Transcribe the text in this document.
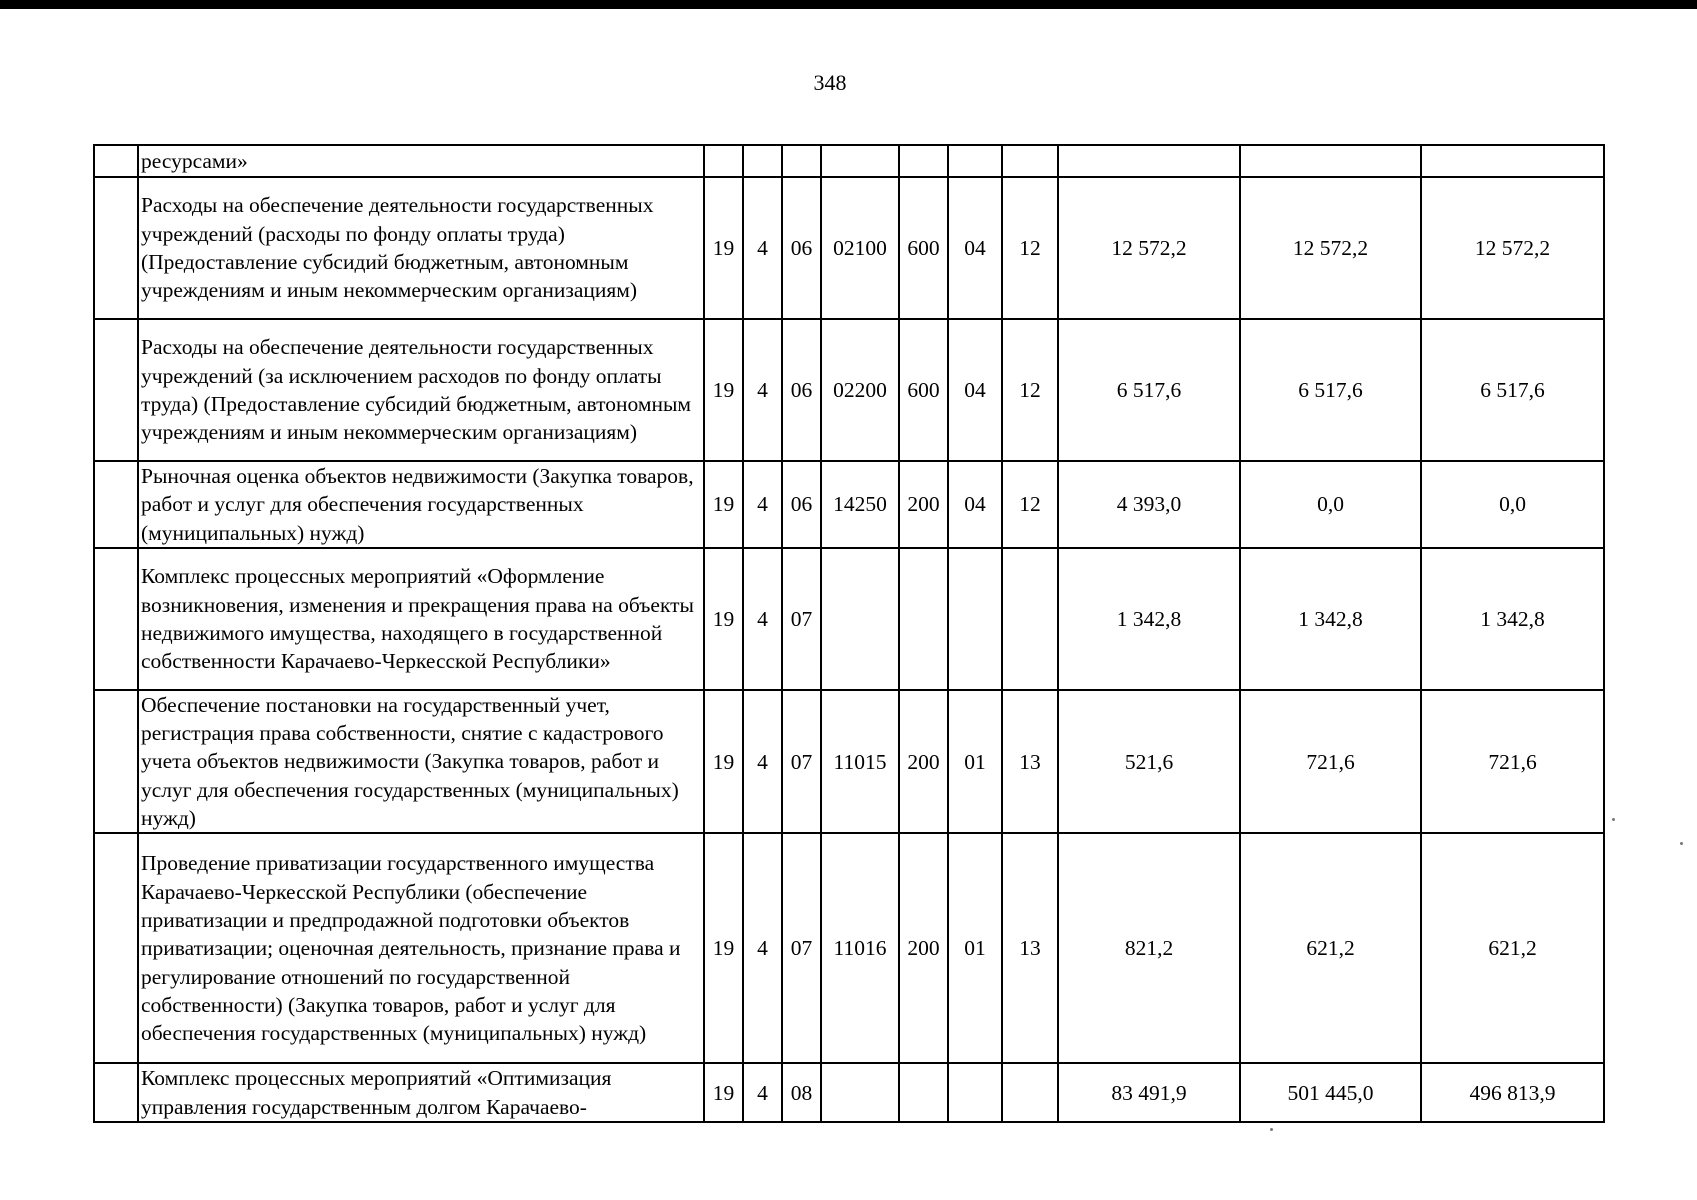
348
	ресурсами»										
	Расходы на обеспечение деятельности государственных учреждений (расходы по фонду оплаты труда) (Предоставление субсидий бюджетным, автономным учреждениям и иным некоммерческим организациям)	19	4	06	02100	600	04	12	12 572,2	12 572,2	12 572,2
	Расходы на обеспечение деятельности государственных учреждений (за исключением расходов по фонду оплаты труда) (Предоставление субсидий бюджетным, автономным учреждениям и иным некоммерческим организациям)	19	4	06	02200	600	04	12	6 517,6	6 517,6	6 517,6
	Рыночная оценка объектов недвижимости (Закупка товаров, работ и услуг для обеспечения государственных (муниципальных) нужд)	19	4	06	14250	200	04	12	4 393,0	0,0	0,0
	Комплекс процессных мероприятий «Оформление возникновения, изменения и прекращения права на объекты недвижимого имущества, находящего в государственной собственности Карачаево-Черкесской Республики»	19	4	07					1 342,8	1 342,8	1 342,8
	Обеспечение постановки на государственный учет, регистрация права собственности, снятие с кадастрового учета объектов недвижимости (Закупка товаров, работ и услуг для обеспечения государственных (муниципальных) нужд)	19	4	07	11015	200	01	13	521,6	721,6	721,6
	Проведение приватизации государственного имущества Карачаево-Черкесской Республики (обеспечение приватизации и предпродажной подготовки объектов приватизации; оценочная деятельность, признание права и регулирование отношений по государственной собственности) (Закупка товаров, работ и услуг для обеспечения государственных (муниципальных) нужд)	19	4	07	11016	200	01	13	821,2	621,2	621,2
	Комплекс процессных мероприятий «Оптимизация управления государственным долгом Карачаево-	19	4	08					83 491,9	501 445,0	496 813,9
